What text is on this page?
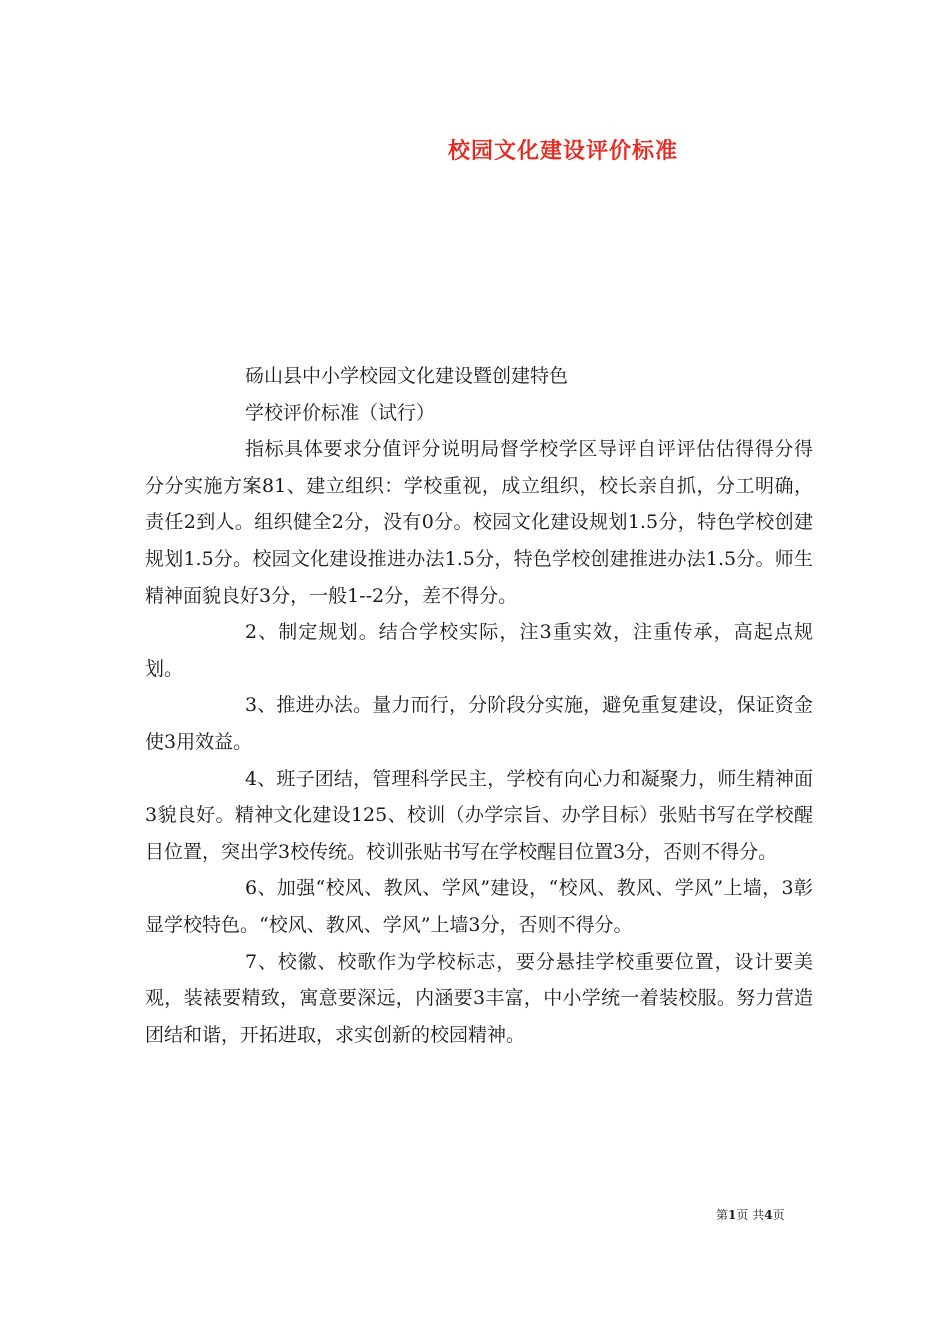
校园文化建设评价标准

砀山县中小学校园文化建设暨创建特色

学校评价标准（试行）

指标具体要求分值评分说明局督学校学区导评自评评估估得得分得分分实施方案81、建立组织：学校重视，成立组织，校长亲自抓，分工明确，责任2到人。组织健全2分，没有0分。校园文化建设规划1.5分，特色学校创建规划1.5分。校园文化建设推进办法1.5分，特色学校创建推进办法1.5分。师生精神面貌良好3分，一般1--2分，差不得分。

2、制定规划。结合学校实际，注3重实效，注重传承，高起点规划。

3、推进办法。量力而行，分阶段分实施，避免重复建设，保证资金使3用效益。

4、班子团结，管理科学民主，学校有向心力和凝聚力，师生精神面3貌良好。精神文化建设125、校训（办学宗旨、办学目标）张贴书写在学校醒目位置，突出学3校传统。校训张贴书写在学校醒目位置3分，否则不得分。

6、加强“校风、教风、学风”建设，“校风、教风、学风”上墙，3彰显学校特色。“校风、教风、学风”上墙3分，否则不得分。

7、校徽、校歌作为学校标志，要分悬挂学校重要位置，设计要美观，装裱要精致，寓意要深远，内涵要3丰富，中小学统一着装校服。努力营造团结和谐，开拓进取，求实创新的校园精神。

第1页 共4页
